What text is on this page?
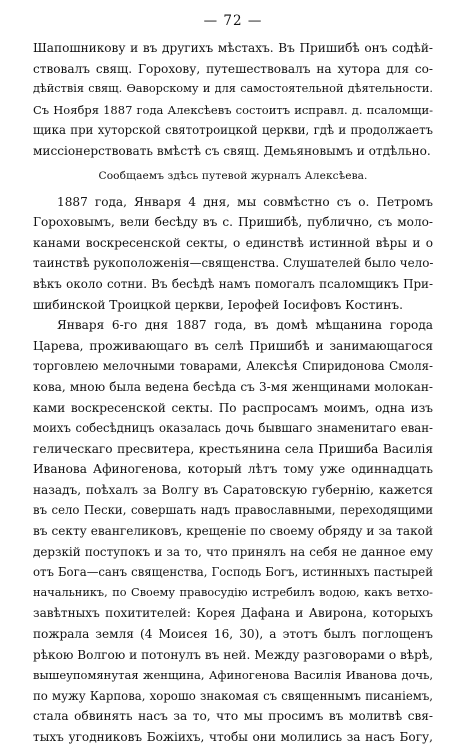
— 72 —
Шапошникову и въ другихъ мѣстахъ. Въ Пришибѣ онъ содѣй-
ствовалъ свящ. Горохову, путешествовалъ на хутора для со-
дѣйствія свящ. Ѳаворскому и для самостоятельной дѣятельности.
Съ Ноября 1887 года Алексѣевъ состоитъ исправл. д. псаломщи-
щика при хуторской святотроицкой церкви, гдѣ и продолжаетъ
миссіонерствовать вмѣстѣ съ свящ. Демьяновымъ и отдѣльно.
Сообщаемъ здѣсь путевой журналъ Алексѣева.
1887 года, Января 4 дня, мы совмѣстно съ о. Петромъ
Гороховымъ, вели бесѣду въ с. Пришибѣ, публично, съ моло-
канами воскресенской секты, о единствѣ истинной вѣры и о
таинствѣ рукоположенія—священства. Слушателей было чело-
вѣкъ около сотни. Въ бесѣдѣ намъ помогалъ псаломщикъ При-
шибинской Троицкой церкви, Іерофей Іосифовъ Костинъ.
Января 6-го дня 1887 года, въ домѣ мѣщанина города
Царева, проживающаго въ селѣ Пришибѣ и занимающагося
торговлею мелочными товарами, Алексѣя Спиридонова Смоля-
кова, мною была ведена бесѣда съ 3-мя женщинами молокан-
ками воскресенской секты. По распросамъ моимъ, одна изъ
моихъ собесѣдницъ оказалась дочь бывшаго знаменитаго еван-
гелическаго пресвитера, крестьянина села Пришиба Василія
Иванова Афиногенова, который лѣтъ тому уже одиннадцать
назадъ, поѣхалъ за Волгу въ Саратовскую губернію, кажется
въ село Пески, совершать надъ православными, переходящими
въ секту евангеликовъ, крещеніе по своему обряду и за такой
дерзкій поступокъ и за то, что принялъ на себя не данное ему
отъ Бога—санъ священства, Господь Богъ, истинныхъ пастырей
начальникъ, по Своему правосудію истребилъ водою, какъ ветхо-
завѣтныхъ похитителей: Корея Дафана и Авирона, которыхъ
пожрала земля (4 Моисея 16, 30), а этотъ былъ поглощенъ
рѣкою Волгою и потонулъ въ ней. Между разговорами о вѣрѣ,
вышеупомянутая женщина, Афиногенова Василія Иванова дочь,
по мужу Карпова, хорошо знакомая съ священнымъ писаніемъ,
стала обвинять насъ за то, что мы просимъ въ молитвѣ свя-
тыхъ угодниковъ Божіихъ, чтобы они молились за насъ Богу,
